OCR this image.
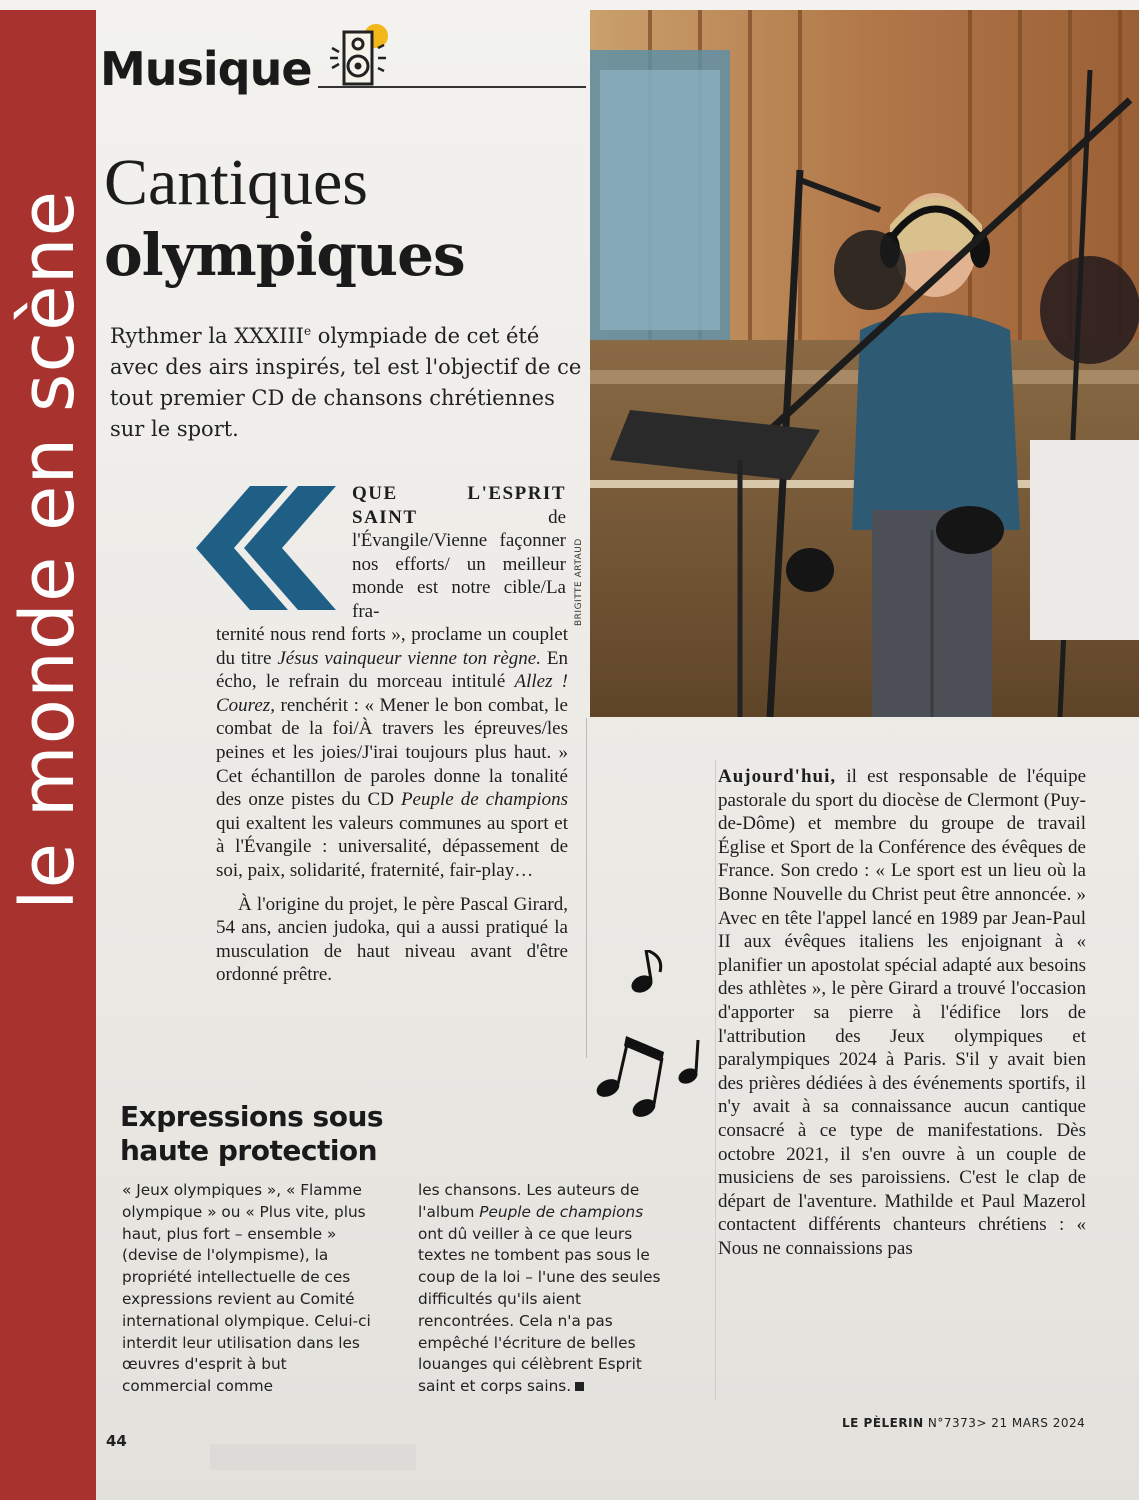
le monde en scène
Musique
Cantiques
olympiques
Rythmer la XXXIIIe olympiade de cet été avec des airs inspirés, tel est l'objectif de ce tout premier CD de chansons chrétiennes sur le sport.
BRIGITTE ARTAUD
QUE L'ESPRIT SAINT de l'Évangile/Vienne façonner nos efforts/ un meilleur monde est notre cible/La fra-

ternité nous rend forts », proclame un couplet du titre Jésus vainqueur vienne ton règne. En écho, le refrain du morceau intitulé Allez ! Courez, renchérit : « Mener le bon combat, le combat de la foi/À travers les épreuves/les peines et les joies/J'irai toujours plus haut. » Cet échantillon de paroles donne la tonalité des onze pistes du CD Peuple de champions qui exaltent les valeurs communes au sport et à l'Évangile : universalité, dépassement de soi, paix, solidarité, fraternité, fair-play…

À l'origine du projet, le père Pascal Girard, 54 ans, ancien judoka, qui a aussi pratiqué la musculation de haut niveau avant d'être ordonné prêtre.

Aujourd'hui, il est responsable de l'équipe pastorale du sport du diocèse de Clermont (Puy-de-Dôme) et membre du groupe de travail Église et Sport de la Conférence des évêques de France. Son credo : « Le sport est un lieu où la Bonne Nouvelle du Christ peut être annoncée. » Avec en tête l'appel lancé en 1989 par Jean-Paul II aux évêques italiens les enjoignant à « planifier un apostolat spécial adapté aux besoins des athlètes », le père Girard a trouvé l'occasion d'apporter sa pierre à l'édifice lors de l'attribution des Jeux olympiques et paralympiques 2024 à Paris. S'il y avait bien des prières dédiées à des événements sportifs, il n'y avait à sa connaissance aucun cantique consacré à ce type de manifestations. Dès octobre 2021, il s'en ouvre à un couple de musiciens de ses paroissiens. C'est le clap de départ de l'aventure. Mathilde et Paul Mazerol contactent différents chanteurs chrétiens : « Nous ne connaissions pas

Expressions sous haute protection

« Jeux olympiques », « Flamme olympique » ou « Plus vite, plus haut, plus fort – ensemble » (devise de l'olympisme), la propriété intellectuelle de ces expressions revient au Comité international olympique. Celui-ci interdit leur utilisation dans les œuvres d'esprit à but commercial comme

les chansons. Les auteurs de l'album Peuple de champions ont dû veiller à ce que leurs textes ne tombent pas sous le coup de la loi – l'une des seules difficultés qu'ils aient rencontrées. Cela n'a pas empêché l'écriture de belles louanges qui célèbrent Esprit saint et corps sains.

44
LE PÈLERIN N°7373> 21 MARS 2024
